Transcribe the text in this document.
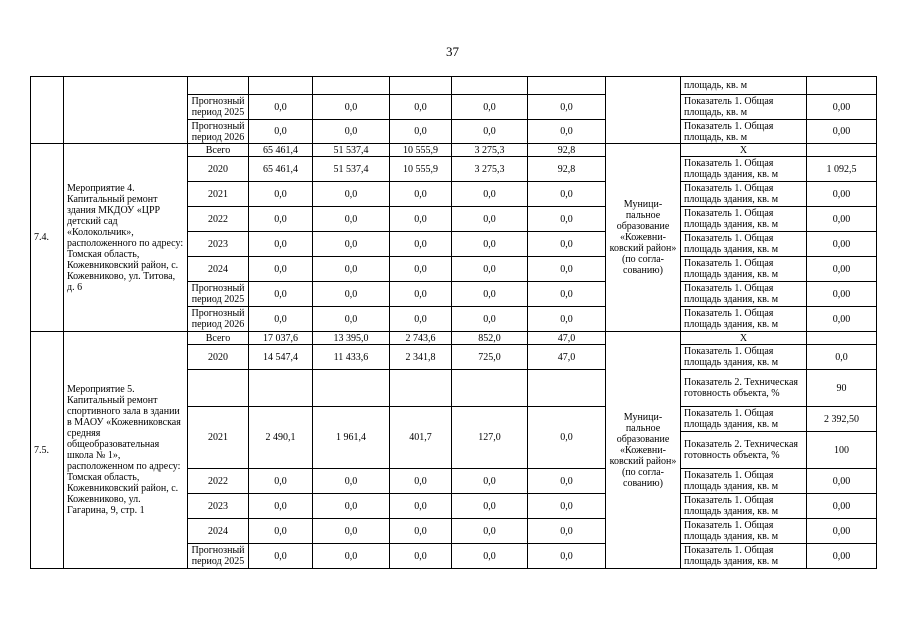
37
									площадь, кв. м	
		Прогнозный период 2025	0,0	0,0	0,0	0,0	0,0		Показатель 1. Общая площадь, кв. м	0,00
		Прогнозный период 2026	0,0	0,0	0,0	0,0	0,0		Показатель 1. Общая площадь, кв. м	0,00
7.4.	Мероприятие 4. Капитальный ремонт здания МКДОУ «ЦРР детский сад «Колокольчик», расположенного по адресу: Томская область, Кожевниковский район, с. Кожевниково, ул. Титова, д. 6	Всего	65 461,4	51 537,4	10 555,9	3 275,3	92,8	Муници-пальное образование «Кожевни-ковский район» (по согла-сованию)	Х	
		2020	65 461,4	51 537,4	10 555,9	3 275,3	92,8		Показатель 1. Общая площадь здания, кв. м	1 092,5
		2021	0,0	0,0	0,0	0,0	0,0		Показатель 1. Общая площадь здания, кв. м	0,00
		2022	0,0	0,0	0,0	0,0	0,0		Показатель 1. Общая площадь здания, кв. м	0,00
		2023	0,0	0,0	0,0	0,0	0,0		Показатель 1. Общая площадь здания, кв. м	0,00
		2024	0,0	0,0	0,0	0,0	0,0		Показатель 1. Общая площадь здания, кв. м	0,00
		Прогнозный период 2025	0,0	0,0	0,0	0,0	0,0		Показатель 1. Общая площадь здания, кв. м	0,00
		Прогнозный период 2026	0,0	0,0	0,0	0,0	0,0		Показатель 1. Общая площадь здания, кв. м	0,00
7.5.	Мероприятие 5. Капитальный ремонт спортивного зала в здании в МАОУ «Кожевниковская средняя общеобразовательная школа № 1», расположенном по адресу: Томская область, Кожевниковский район, с. Кожевниково, ул. Гагарина, 9, стр. 1	Всего	17 037,6	13 395,0	2 743,6	852,0	47,0	Муници-пальное образование «Кожевни-ковский район» (по согла-сованию)	Х	
		2020	14 547,4	11 433,6	2 341,8	725,0	47,0		Показатель 1. Общая площадь здания, кв. м	0,0
									Показатель 2. Техническая готовность объекта, %	90
		2021	2 490,1	1 961,4	401,7	127,0	0,0		Показатель 1. Общая площадь здания, кв. м	2 392,50
									Показатель 2. Техническая готовность объекта, %	100
		2022	0,0	0,0	0,0	0,0	0,0		Показатель 1. Общая площадь здания, кв. м	0,00
		2023	0,0	0,0	0,0	0,0	0,0		Показатель 1. Общая площадь здания, кв. м	0,00
		2024	0,0	0,0	0,0	0,0	0,0		Показатель 1. Общая площадь здания, кв. м	0,00
		Прогнозный период 2025	0,0	0,0	0,0	0,0	0,0		Показатель 1. Общая площадь здания, кв. м	0,00
